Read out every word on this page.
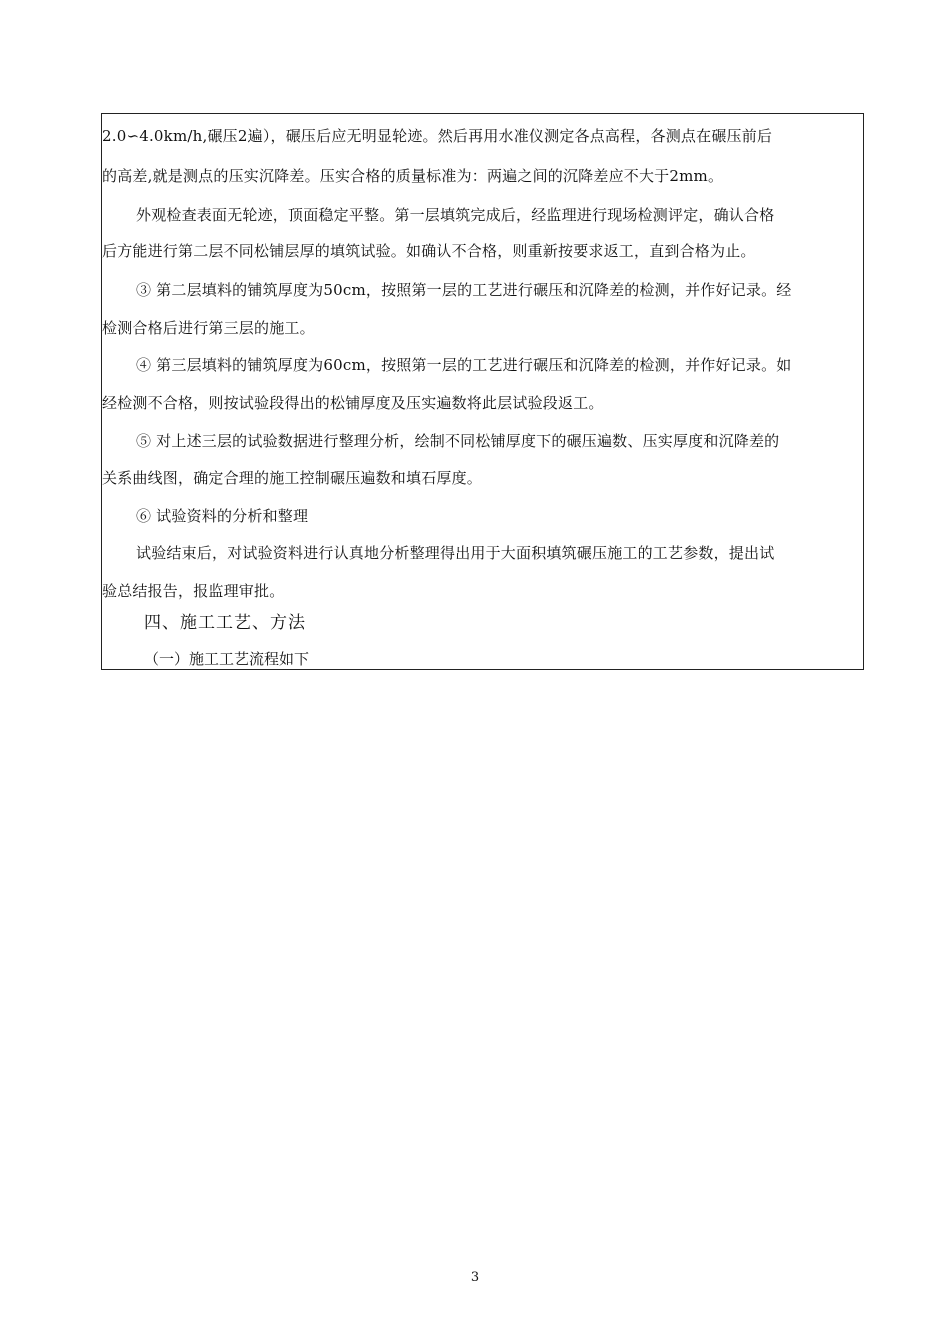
2.0∽4.0km/h,碾压2遍），碾压后应无明显轮迹。然后再用水准仪测定各点高程，各测点在碾压前后
的高差,就是测点的压实沉降差。压实合格的质量标准为：两遍之间的沉降差应不大于2mm。
外观检查表面无轮迹，顶面稳定平整。第一层填筑完成后，经监理进行现场检测评定，确认合格
后方能进行第二层不同松铺层厚的填筑试验。如确认不合格，则重新按要求返工，直到合格为止。
③ 第二层填料的铺筑厚度为50cm，按照第一层的工艺进行碾压和沉降差的检测，并作好记录。经
检测合格后进行第三层的施工。
④ 第三层填料的铺筑厚度为60cm，按照第一层的工艺进行碾压和沉降差的检测，并作好记录。如
经检测不合格，则按试验段得出的松铺厚度及压实遍数将此层试验段返工。
⑤ 对上述三层的试验数据进行整理分析，绘制不同松铺厚度下的碾压遍数、压实厚度和沉降差的
关系曲线图，确定合理的施工控制碾压遍数和填石厚度。
⑥ 试验资料的分析和整理
试验结束后，对试验资料进行认真地分析整理得出用于大面积填筑碾压施工的工艺参数，提出试
验总结报告，报监理审批。
四、施工工艺、方法
（一）施工工艺流程如下
3
